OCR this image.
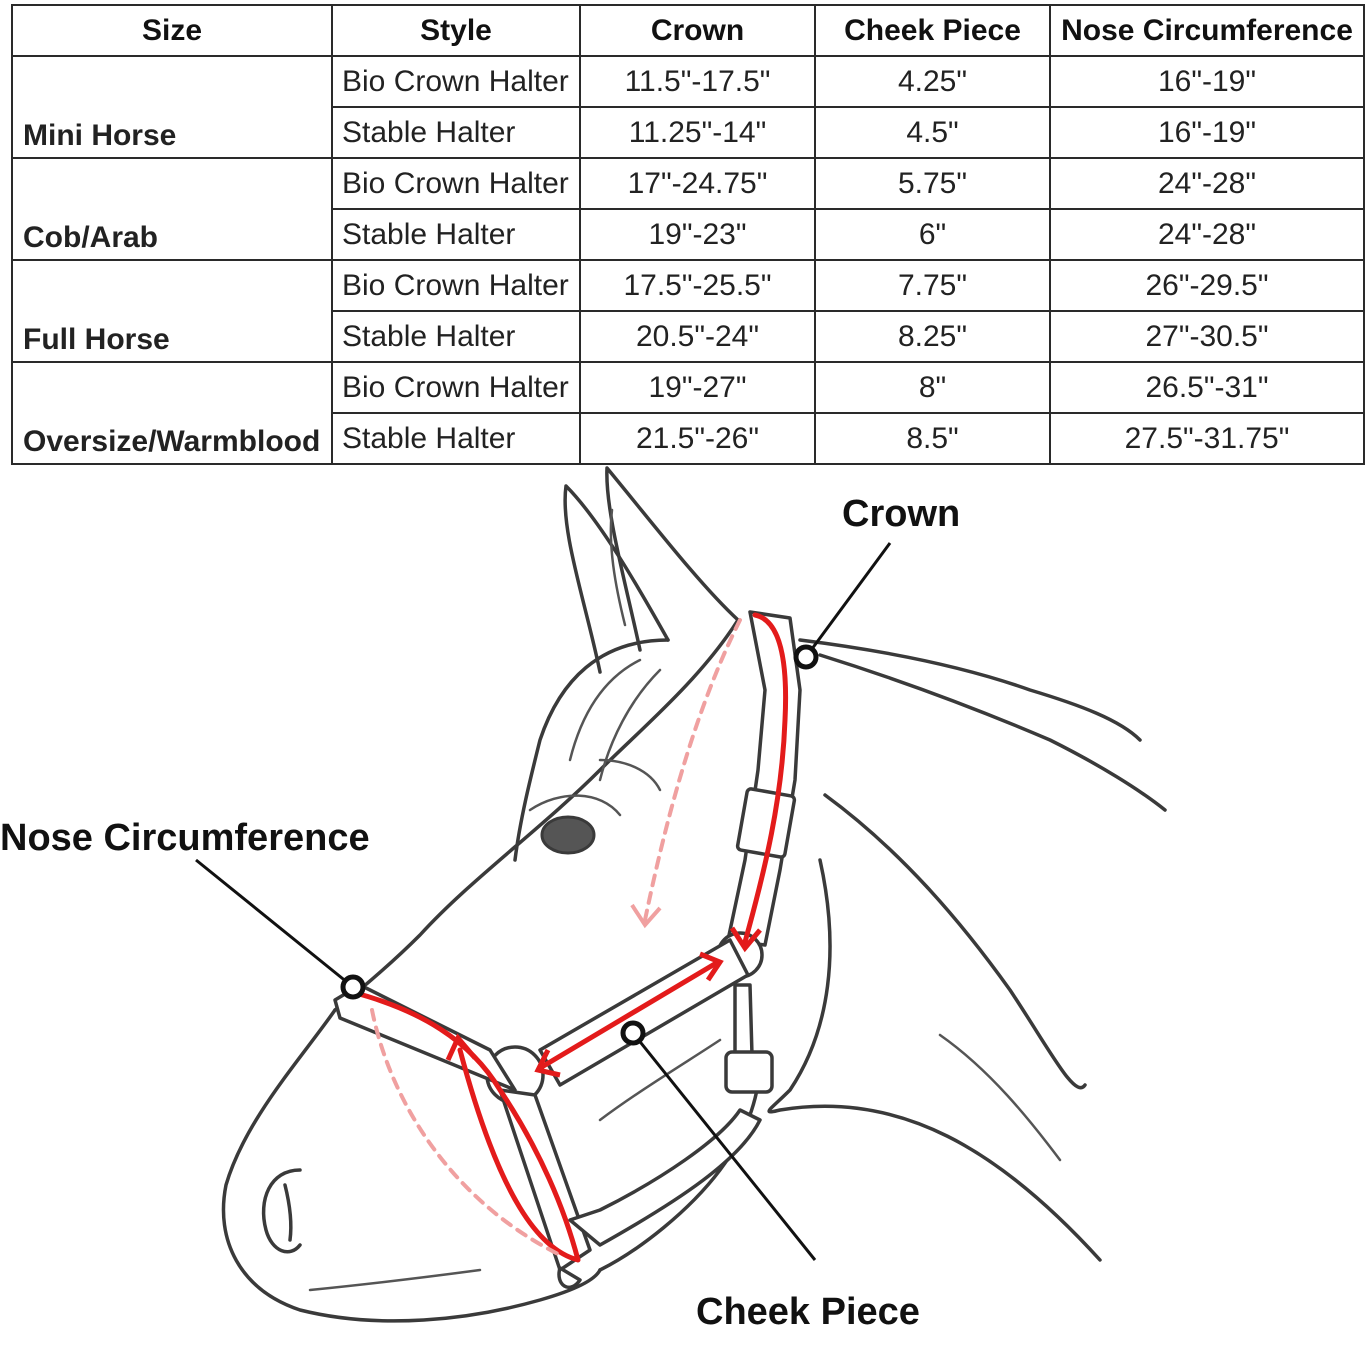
Size	Style	Crown	Cheek Piece	Nose Circumference
Mini Horse	Bio Crown Halter	11.5"-17.5"	4.25"	16"-19"
	Stable Halter	11.25"-14"	4.5"	16"-19"
Cob/Arab	Bio Crown Halter	17"-24.75"	5.75"	24"-28"
	Stable Halter	19"-23"	6"	24"-28"
Full Horse	Bio Crown Halter	17.5"-25.5"	7.75"	26"-29.5"
	Stable Halter	20.5"-24"	8.25"	27"-30.5"
Oversize/Warmblood	Bio Crown Halter	19"-27"	8"	26.5"-31"
	Stable Halter	21.5"-26"	8.5"	27.5"-31.75"
Crown
Nose Circumference
Cheek Piece
